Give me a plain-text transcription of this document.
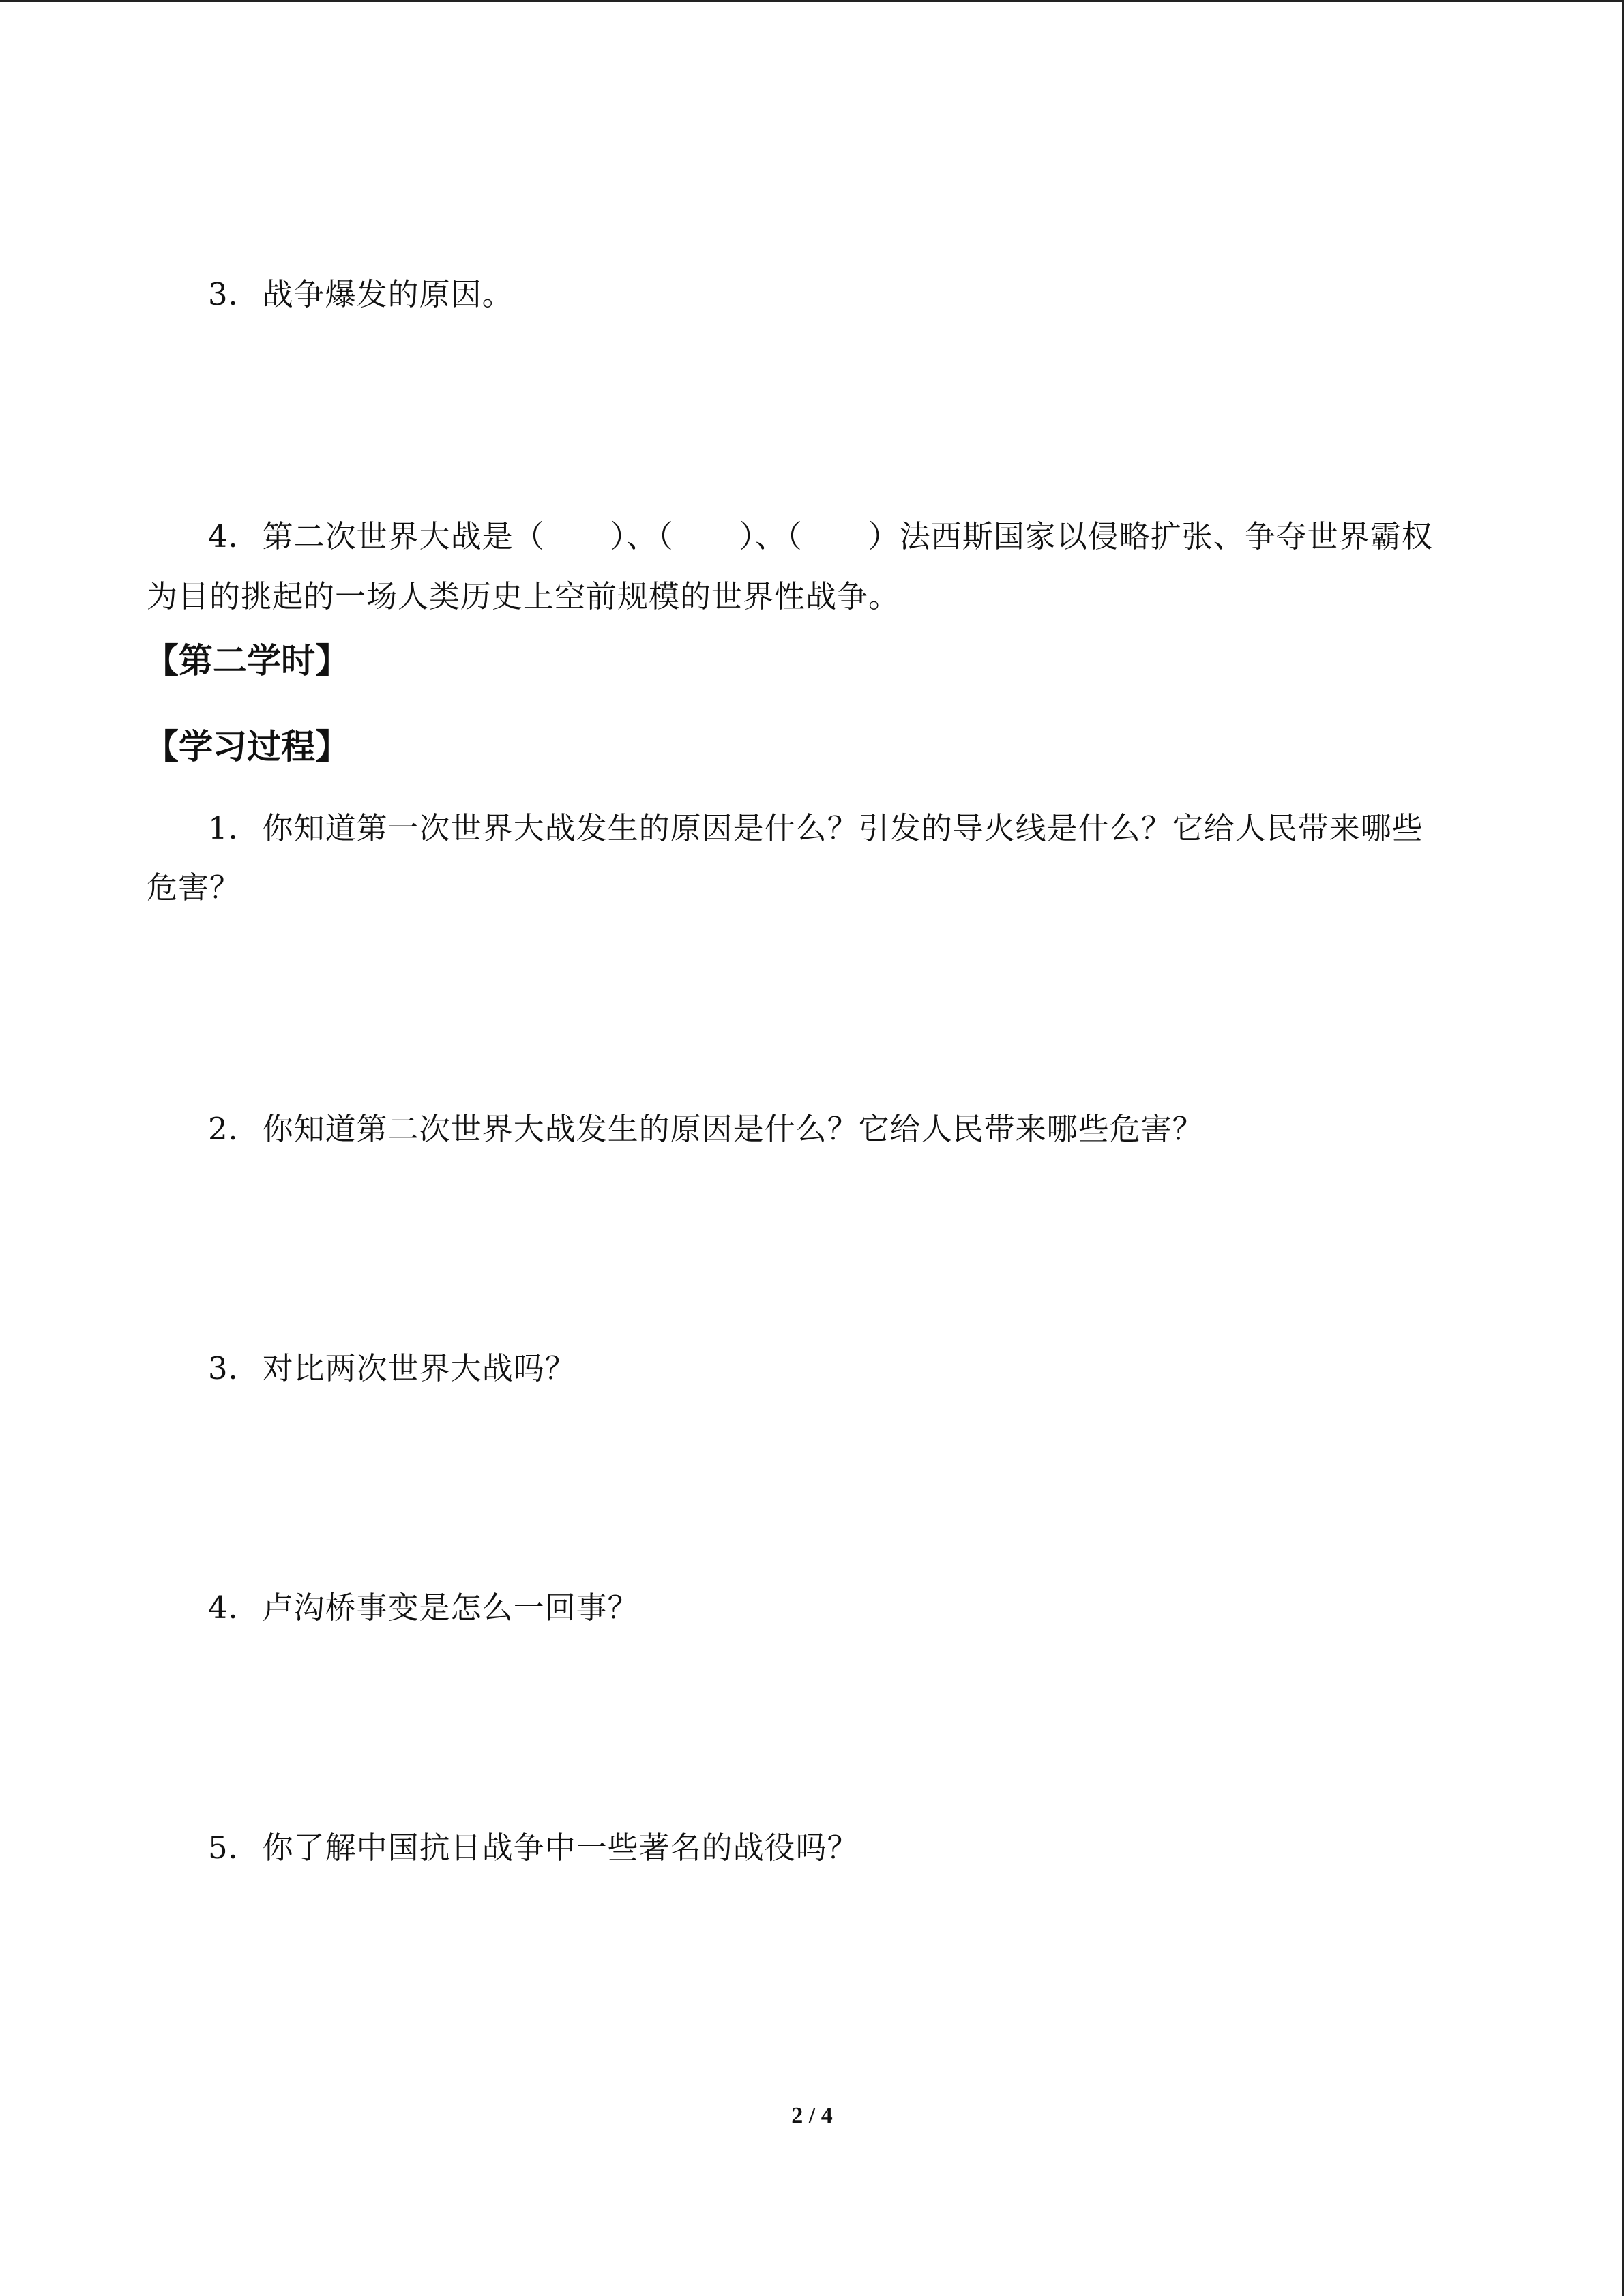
3．战争爆发的原因。
4．第二次世界大战是（ ）、（ ）、（ ）法西斯国家以侵略扩张、争夺世界霸权
为目的挑起的一场人类历史上空前规模的世界性战争。
【第二学时】
【学习过程】
1．你知道第一次世界大战发生的原因是什么？引发的导火线是什么？它给人民带来哪些
危害？
2．你知道第二次世界大战发生的原因是什么？它给人民带来哪些危害？
3．对比两次世界大战吗？
4．卢沟桥事变是怎么一回事？
5．你了解中国抗日战争中一些著名的战役吗？
2 / 4
